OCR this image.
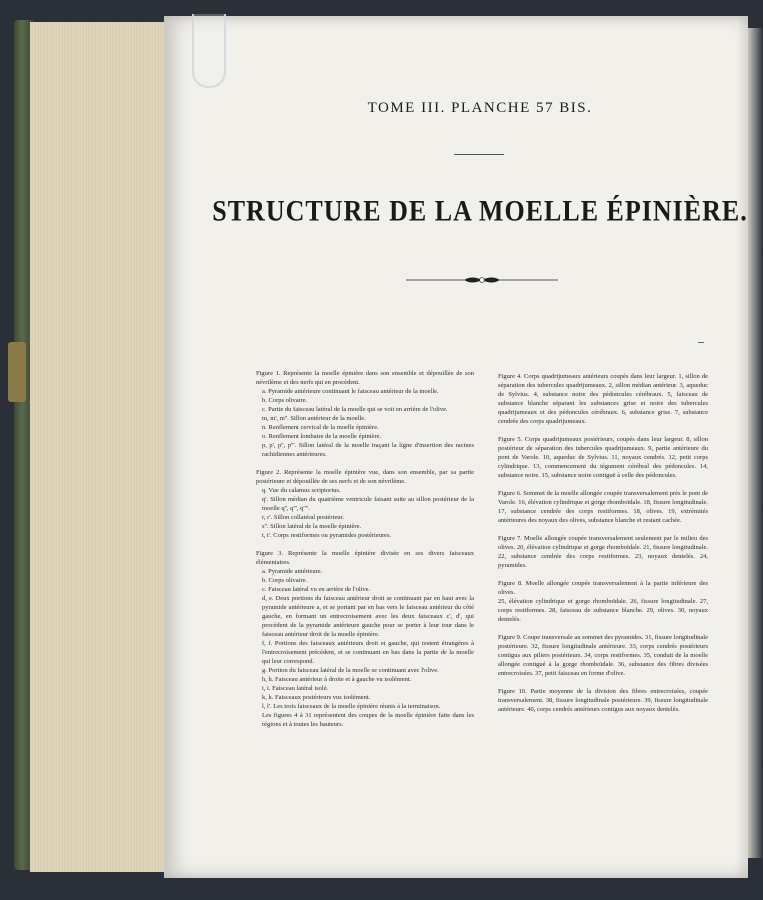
TOME III. PLANCHE 57 BIS.
STRUCTURE DE LA MOELLE ÉPINIÈRE.
Figure 1. Représente la moelle épinière dans son ensemble et dépouillée de son névrilème et des nerfs qui en procèdent.
a. Pyramide antérieure continuant le faisceau antérieur de la moelle.
b. Corps olivaire.
c. Partie du faisceau latéral de la moelle qui se voit en arrière de l'olive.
m, m', m''. Sillon antérieur de la moelle.
n. Renflement cervical de la moelle épinière.
o. Renflement lombaire de la moelle épinière.
p, p', p'', p'''. Sillon latéral de la moelle traçant la ligne d'insertion des racines rachidiennes antérieures.
Figure 2. Représente la moelle épinière vue, dans son ensemble, par sa partie postérieure et dépouillée de ses nerfs et de son névrilème.
q. Vue du calamus scriptorius.
q'. Sillon médian du quatrième ventricule faisant suite au sillon postérieur de la moelle q'', q''', q''''.
r, r'. Sillon collatéral postérieur.
s''. Sillon latéral de la moelle épinière.
t, t'. Corps restiformes ou pyramides postérieures.
Figure 3. Représente la moelle épinière divisée en ses divers faisceaux élémentaires.
a. Pyramide antérieure.
b. Corps olivaire.
c. Faisceau latéral vu en arrière de l'olive.
d, e. Deux portions du faisceau antérieur droit se continuant par en haut avec la pyramide antérieure a, et se portant par en bas vers le faisceau antérieur du côté gauche, en formant un entrecroisement avec les deux faisceaux c', d', qui procèdent de la pyramide antérieure gauche pour se porter à leur tour dans le faisceau antérieur droit de la moelle épinière.
f, f. Portions des faisceaux antérieurs droit et gauche, qui restent étrangères à l'entrecroisement précédent, et se continuant en bas dans la partie de la moelle qui leur correspond.
g. Portion du faisceau latéral de la moelle se continuant avec l'olive.
h, h. Faisceau antérieur à droite et à gauche vu isolément.
i, i. Faisceau latéral isolé.
k, k. Faisceaux postérieurs vus isolément.
l, l'. Les trois faisceaux de la moelle épinière réunis à la terminaison.
Les figures 4 à 31 représentent des coupes de la moelle épinière faite dans les régions et à toutes les hauteurs.
Figure 4. Corps quadrijumeaux antérieurs coupés dans leur largeur. 1, sillon de séparation des tubercules quadrijumeaux. 2, sillon médian antérieur. 3, aqueduc de Sylvius. 4, substance noire des pédoncules cérébraux. 5, faisceau de substance blanche séparant les substances grise et noire des tubercules quadrijumeaux et des pédoncules cérébraux. 6, substance grise. 7, substance cendrée des corps quadrijumeaux.
Figure 5. Corps quadrijumeaux postérieurs, coupés dans leur largeur. 8, sillon postérieur de séparation des tubercules quadrijumeaux. 9, partie antérieure du pont de Varole. 10, aqueduc de Sylvius. 11, noyaux cendrés. 12, petit corps cylindrique. 13, commencement du tégument cérébral des pédoncules. 14, substance noire. 15, substance noire contiguë à celle des pédoncules.
Figure 6. Sommet de la moelle allongée coupée transversalement près le pont de Varole. 16, élévation cylindrique et gorge rhomboïdale. 18, fissure longitudinale. 17, substance cendrée des corps restiformes. 18, olives. 19, extrémités antérieures des noyaux des olives, substance blanche et restant cachée.
Figure 7. Moelle allongée coupée transversalement seulement par le milieu des olives. 20, élévation cylindrique et gorge rhomboïdale. 21, fissure longitudinale. 22, substance cendrée des corps restiformes. 23, noyaux dentelés. 24, pyramides.
Figure 8. Moelle allongée coupée transversalement à la partie inférieure des olives.
25, élévation cylindrique et gorge rhomboïdale. 26, fissure longitudinale. 27, corps restiformes. 28, faisceau de substance blanche. 29, olives. 30, noyaux dentelés.
Figure 9. Coupe transversale au sommet des pyramides. 31, fissure longitudinale postérieure. 32, fissure longitudinale antérieure. 33, corps cendrés postérieurs contigus aux piliers postérieurs. 34, corps restiformes. 35, conduit de la moelle allongée contigué à la gorge rhomboïdale. 36, substance des fibres divisées entrecroisées. 37, petit faisceau en forme d'olive.
Figure 10. Partie moyenne de la division des fibres entrecroisées, coupée transversalement. 38, fissure longitudinale postérieure. 39, fissure longitudinale antérieure. 40, corps cendrés antérieurs contigus aux noyaux dentelés.
